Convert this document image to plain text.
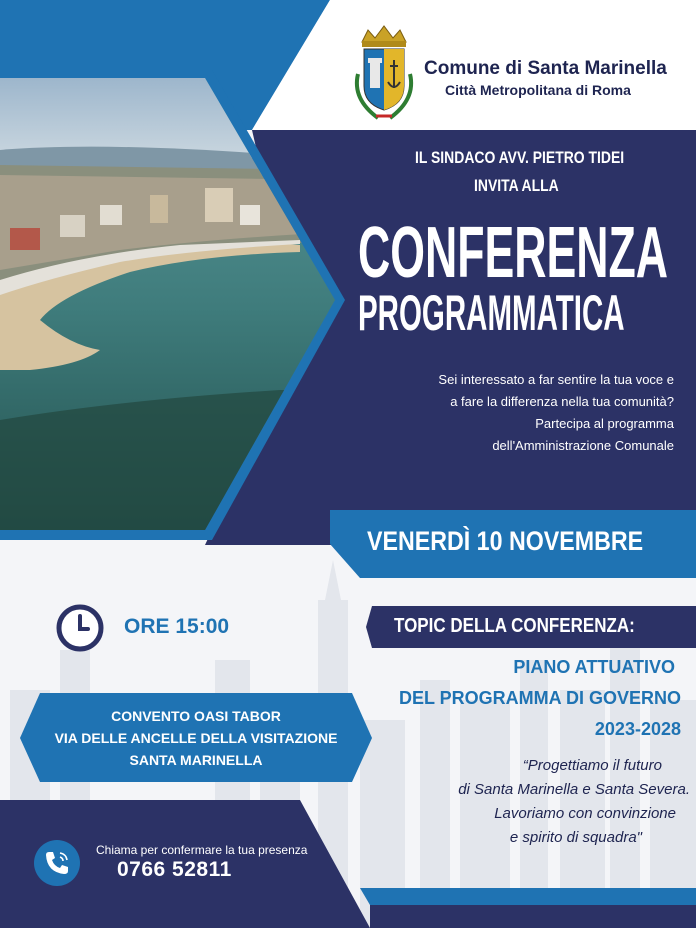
Comune di Santa Marinella
Città Metropolitana di Roma
IL SINDACO AVV. PIETRO TIDEI
INVITA ALLA
CONFERENZA
PROGRAMMATICA
Sei interessato a far sentire la tua voce e
a fare la differenza nella tua comunità?
Partecipa al programma
dell'Amministrazione Comunale
VENERDÌ 10 NOVEMBRE
ORE 15:00
CONVENTO OASI TABOR
VIA DELLE ANCELLE DELLA VISITAZIONE
SANTA MARINELLA
TOPIC DELLA CONFERENZA:
PIANO ATTUATIVO
DEL PROGRAMMA DI GOVERNO
2023-2028
“Progettiamo il futuro
di Santa Marinella e Santa Severa.
Lavoriamo con convinzione
e spirito di squadra"
Chiama per confermare la tua presenza
0766 52811
